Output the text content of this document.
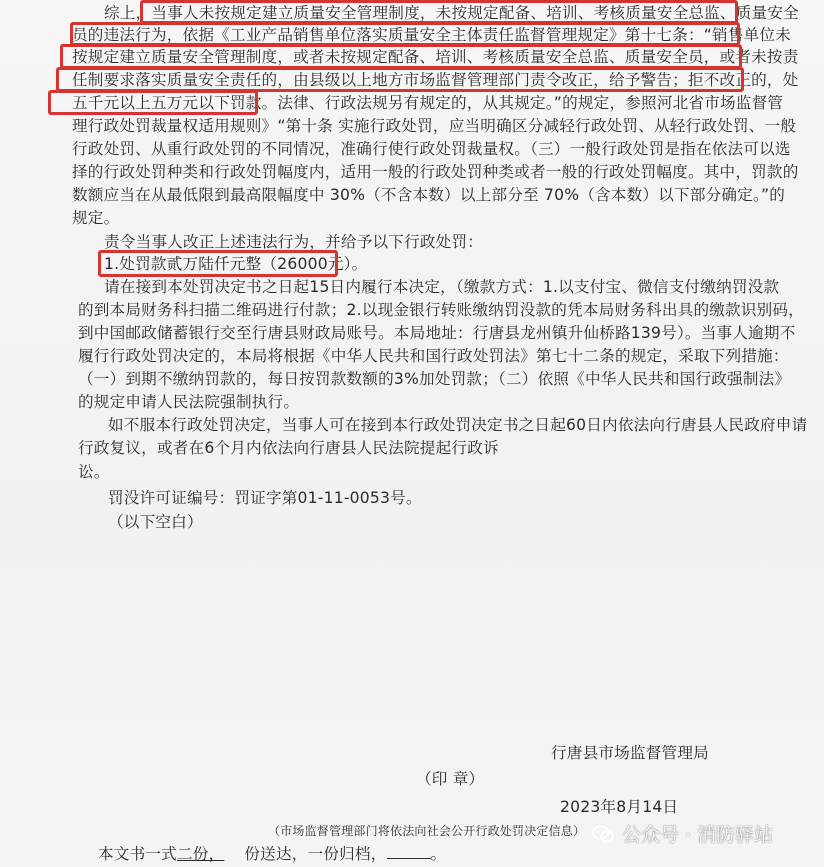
综上，当事人未按规定建立质量安全管理制度，未按规定配备、培训、考核质量安全总监、质量安全
员的违法行为，依据《工业产品销售单位落实质量安全主体责任监督管理规定》第十七条：“销售单位未
按规定建立质量安全管理制度，或者未按规定配备、培训、考核质量安全总监、质量安全员，或者未按责
任制要求落实质量安全责任的，由县级以上地方市场监督管理部门责令改正，给予警告；拒不改正的，处
五千元以上五万元以下罚款。法律、行政法规另有规定的，从其规定。”的规定，参照河北省市场监督管
理行政处罚裁量权适用规则》“第十条 实施行政处罚，应当明确区分减轻行政处罚、从轻行政处罚、一般
行政处罚、从重行政处罚的不同情况，准确行使行政处罚裁量权。（三）一般行政处罚是指在依法可以选
择的行政处罚种类和行政处罚幅度内，适用一般的行政处罚种类或者一般的行政处罚幅度。其中，罚款的
数额应当在从最低限到最高限幅度中 30%（不含本数）以上部分至 70%（含本数）以下部分确定。”的
规定。
责令当事人改正上述违法行为，并给予以下行政处罚：
1.处罚款贰万陆仟元整（26000元）。
请在接到本处罚决定书之日起15日内履行本决定，（缴款方式：1.以支付宝、微信支付缴纳罚没款
的到本局财务科扫描二维码进行付款；2.以现金银行转账缴纳罚没款的凭本局财务科出具的缴款识别码，
到中国邮政储蓄银行交至行唐县财政局账号。本局地址：行唐县龙州镇升仙桥路139号）。当事人逾期不
履行行政处罚决定的，本局将根据《中华人民共和国行政处罚法》第七十二条的规定，采取下列措施：
（一）到期不缴纳罚款的，每日按罚款数额的3%加处罚款；（二）依照《中华人民共和国行政强制法》
的规定申请人民法院强制执行。
如不服本行政处罚决定，当事人可在接到本行政处罚决定书之日起60日内依法向行唐县人民政府申请
行政复议，或者在6个月内依法向行唐县人民法院提起行政诉
讼。
罚没许可证编号：罚证字第01-11-0053号。
（以下空白）
行唐县市场监督管理局
（印 章）
2023年8月14日
（市场监督管理部门将依法向社会公开行政处罚决定信息）
本文书一式二份， 份送达，一份归档，	。
公众号 · 消防驿站
